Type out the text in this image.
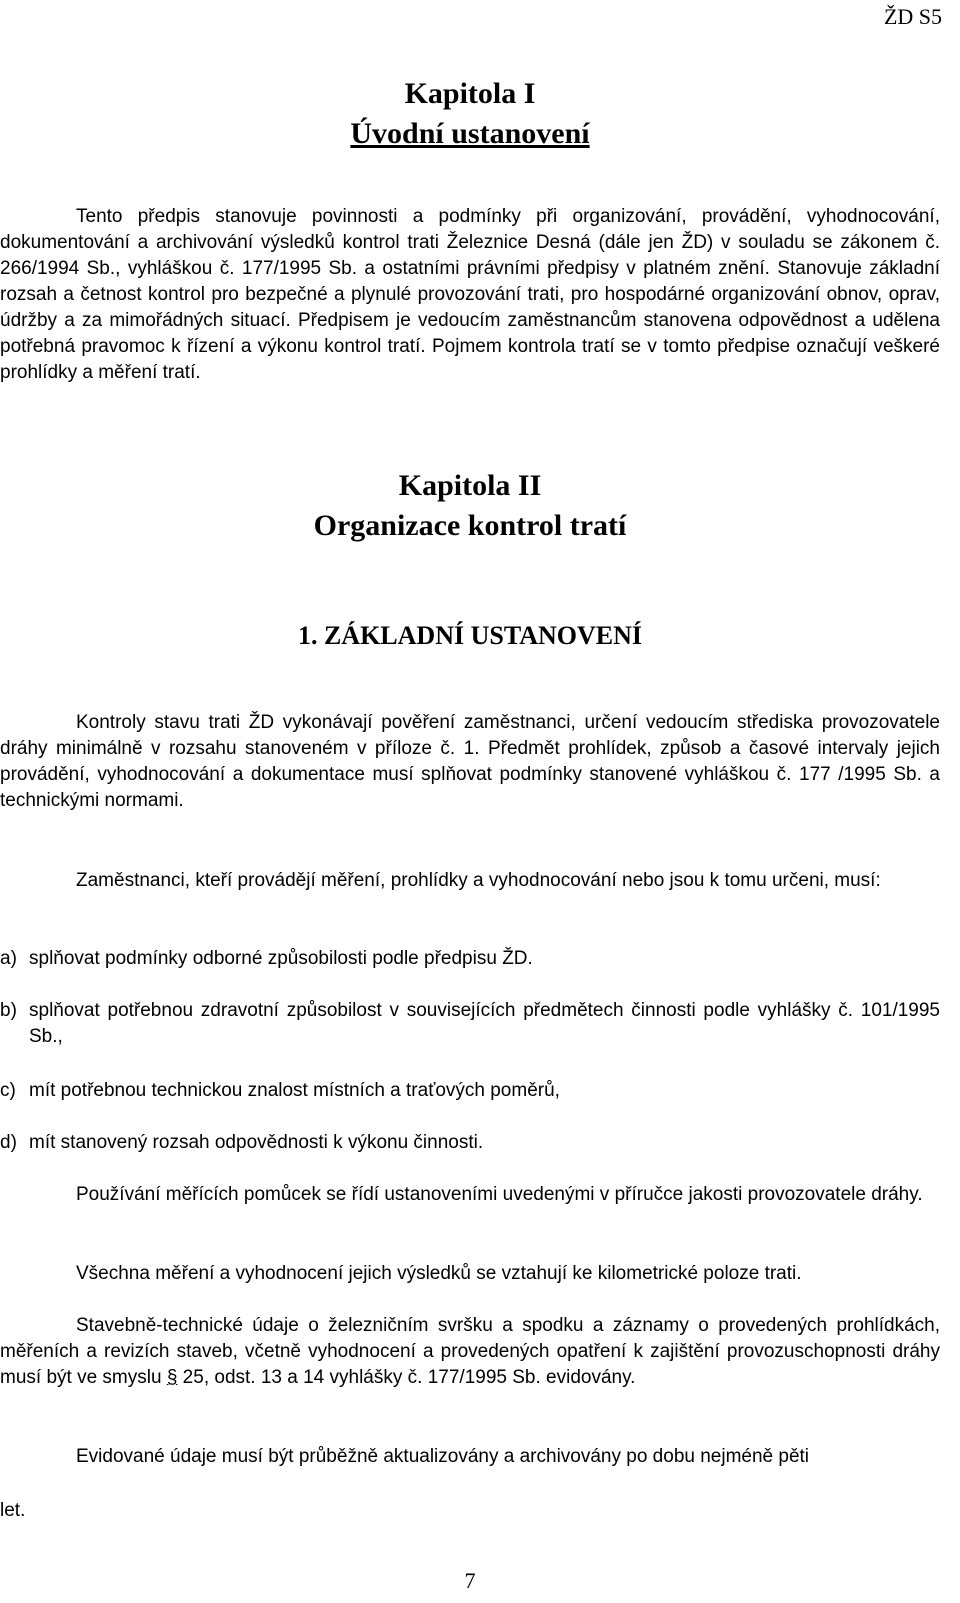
ŽD S5
Kapitola I
Úvodní ustanovení

Tento předpis stanovuje povinnosti a podmínky při organizování, provádění, vyhodnocování, dokumentování a archivování výsledků kontrol trati Železnice Desná (dále jen ŽD) v souladu se zákonem č. 266/1994 Sb., vyhláškou č. 177/1995 Sb. a ostatními právními předpisy v platném znění. Stanovuje základní rozsah a četnost kontrol pro bezpečné a plynulé provozování trati, pro hospodárné organizování obnov, oprav, údržby a za mimořádných situací. Předpisem je vedoucím zaměstnancům stanovena odpovědnost a udělena potřebná pravomoc k řízení a výkonu kontrol tratí. Pojmem kontrola tratí se v tomto předpise označují veškeré prohlídky a měření tratí.

Kapitola II
Organizace kontrol tratí
1. ZÁKLADNÍ USTANOVENÍ

Kontroly stavu trati ŽD vykonávají pověření zaměstnanci, určení vedoucím střediska provozovatele dráhy minimálně v rozsahu stanoveném v příloze č. 1. Předmět prohlídek, způsob a časové intervaly jejich provádění, vyhodnocování a dokumentace musí splňovat podmínky stanovené vyhláškou č. 177 /1995 Sb. a technickými normami.

Zaměstnanci, kteří provádějí měření, prohlídky a vyhodnocování nebo jsou k tomu určeni, musí:

a) splňovat podmínky odborné způsobilosti podle předpisu ŽD.

b) splňovat potřebnou zdravotní způsobilost v souvisejících předmětech činnosti podle vyhlášky č. 101/1995 Sb.,

c) mít potřebnou technickou znalost místních a traťových poměrů,

d) mít stanovený rozsah odpovědnosti k výkonu činnosti.

Používání měřících pomůcek se řídí ustanoveními uvedenými v příručce jakosti provozovatele dráhy.

Všechna měření a vyhodnocení jejich výsledků se vztahují ke kilometrické poloze trati.

Stavebně-technické údaje o železničním svršku a spodku a záznamy o provedených prohlídkách, měřeních a revizích staveb, včetně vyhodnocení a provedených opatření k zajištění provozuschopnosti dráhy musí být ve smyslu § 25, odst. 13 a 14 vyhlášky č. 177/1995 Sb. evidovány.

Evidované údaje musí být průběžně aktualizovány a archivovány po dobu nejméně pěti

let.

7
